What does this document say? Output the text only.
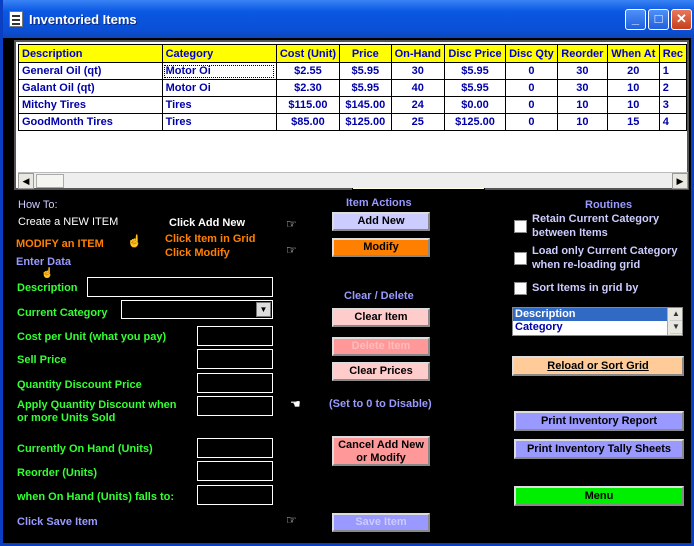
Inventoried Items	_	□	✕
Description	Category	Cost (Unit)	Price	On-Hand	Disc Price	Disc Qty	Reorder	When At	Rec
General Oil (qt)	Motor Oi	$2.55	$5.95	30	$5.95	0	30	20	1
Galant Oil (qt)	Motor Oi	$2.30	$5.95	40	$5.95	0	30	10	2
Mitchy Tires	Tires	$115.00	$145.00	24	$0.00	0	10	10	3
GoodMonth Tires	Tires	$85.00	$125.00	25	$125.00	0	10	15	4
◀	▶
How To:
Create a NEW ITEM
MODIFY an ITEM ☝
Enter Data
☝
Click Add New
Click Item in Grid
Click Modify
☞
☞
Description
Current Category	▼
Cost per Unit (what you pay)
Sell Price
Quantity Discount Price
Apply Quantity Discount when
or more Units Sold
☚
Currently On Hand (Units)
Reorder (Units)
when On Hand (Units) falls to:
Click Save Item	☞
Item Actions
Add New
Modify
Clear / Delete
Clear Item
Delete Item
Clear Prices
(Set to 0 to Disable)
Cancel Add New
or Modify
Save Item
Routines
Retain Current Category
between Items
Load only Current Category
when re-loading grid
Sort Items in grid by
Description
Category
▲
▼
Reload or Sort Grid
Print Inventory Report
Print Inventory Tally Sheets
Menu
